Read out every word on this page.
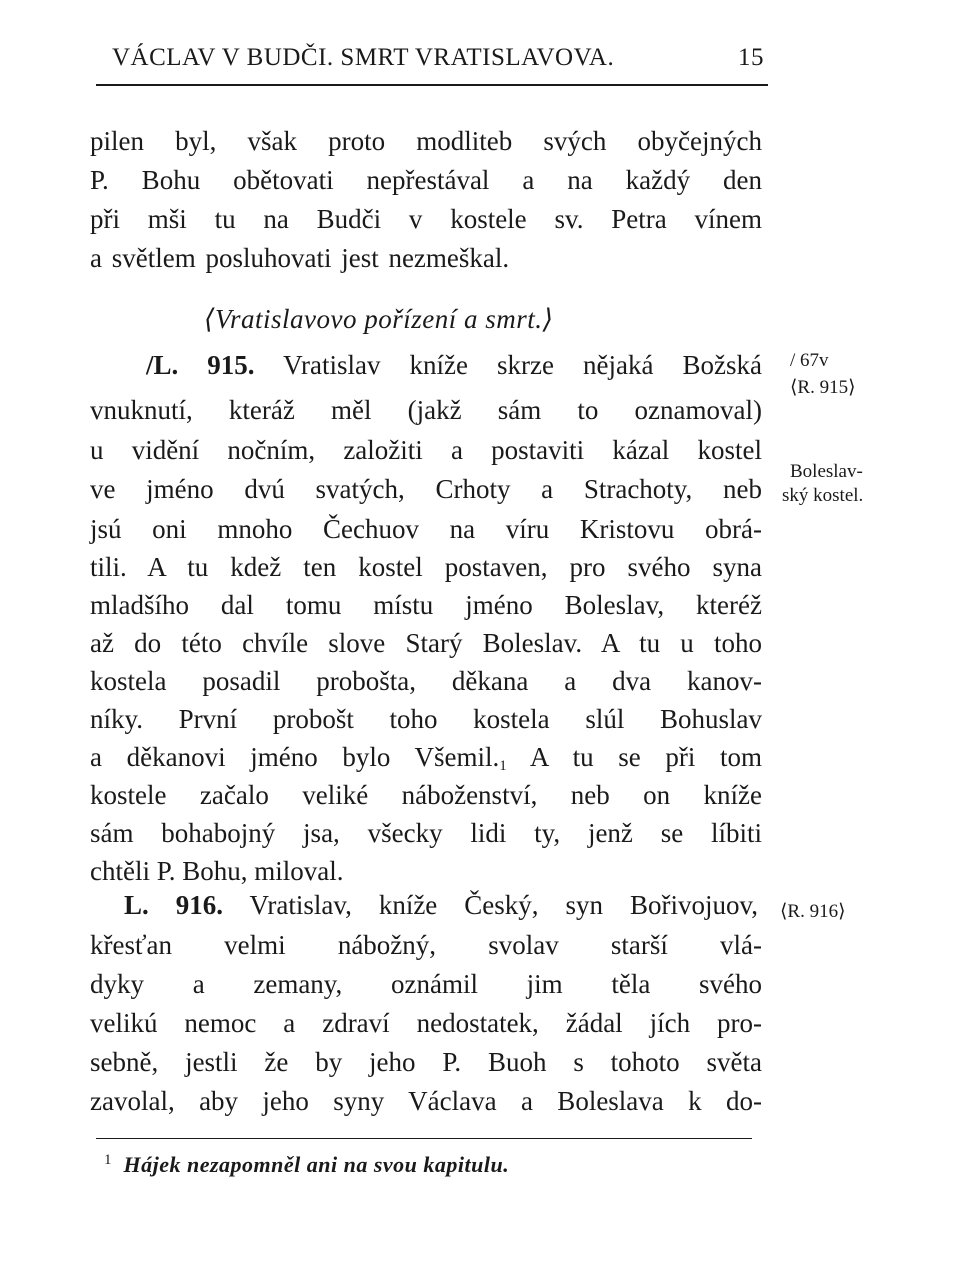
VÁCLAV V BUDČI. SMRT VRATISLAVOVA.	15
pilen byl, však proto modliteb svých obyčejných
P. Bohu obětovati nepřestával a na každý den
při mši tu na Budči v kostele sv. Petra vínem
a světlem posluhovati jest nezmeškal.
⟨Vratislavovo pořízení a smrt.⟩
/L. 915. Vratislav kníže skrze nějaká Božská
vnuknutí, kteráž měl (jakž sám to oznamoval)
u vidění nočním, založiti a postaviti kázal kostel
ve jméno dvú svatých, Crhoty a Strachoty, neb
jsú oni mnoho Čechuov na víru Kristovu obrá-
tili. A tu kdež ten kostel postaven, pro svého syna
mladšího dal tomu místu jméno Boleslav, kteréž
až do této chvíle slove Starý Boleslav. A tu u toho
kostela posadil probošta, děkana a dva kanov-
níky. První probošt toho kostela slúl Bohuslav
a děkanovi jméno bylo Všemil.1 A tu se při tom
kostele začalo veliké náboženství, neb on kníže
sám bohabojný jsa, všecky lidi ty, jenž se líbiti
chtěli P. Bohu, miloval.
L. 916. Vratislav, kníže Český, syn Bořivojuov,
křesťan velmi nábožný, svolav starší vlá-
dyky a zemany, oznámil jim těla svého
velikú nemoc a zdraví nedostatek, žádal jích pro-
sebně, jestli že by jeho P. Buoh s tohoto světa
zavolal, aby jeho syny Václava a Boleslava k do-
/ 67v
⟨R. 915⟩
Boleslav-
ský kostel.
⟨R. 916⟩
$^1$ Hájek nezapomněl ani na svou kapitulu.
